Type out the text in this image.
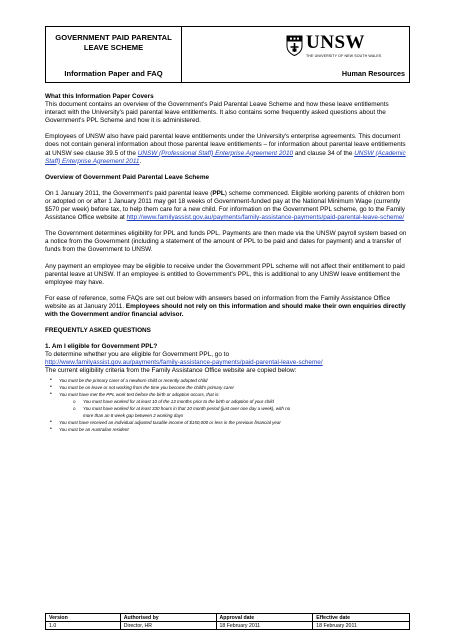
GOVERNMENT PAID PARENTAL
LEAVE SCHEME
Information Paper and FAQ
UNSW
THE UNIVERSITY OF NEW SOUTH WALES
Human Resources

What this Information Paper Covers

This document contains an overview of the Government's Paid Parental Leave Scheme and how these leave entitlements interact with the University's paid parental leave entitlements. It also contains some frequently asked questions about the Government's PPL Scheme and how it is administered.

Employees of UNSW also have paid parental leave entitlements under the University's enterprise agreements. This document does not contain general information about those parental leave entitlements – for information about parental leave entitlements at UNSW see clause 39.5 of the UNSW (Professional Staff) Enterprise Agreement 2010 and clause 34 of the UNSW (Academic Staff) Enterprise Agreement 2011.

Overview of Government Paid Parental Leave Scheme

On 1 January 2011, the Government's paid parental leave (PPL) scheme commenced. Eligible working parents of children born or adopted on or after 1 January 2011 may get 18 weeks of Government-funded pay at the National Minimum Wage (currently $570 per week) before tax, to help them care for a new child. For information on the Government PPL scheme, go to the Family Assistance Office website at http://www.familyassist.gov.au/payments/family-assistance-payments/paid-parental-leave-scheme/

The Government determines eligibility for PPL and funds PPL. Payments are then made via the UNSW payroll system based on a notice from the Government (including a statement of the amount of PPL to be paid and dates for payment) and a transfer of funds from the Government to UNSW.

Any payment an employee may be eligible to receive under the Government PPL scheme will not affect their entitlement to paid parental leave at UNSW. If an employee is entitled to Government's PPL, this is additional to any UNSW leave entitlement the employee may have.

For ease of reference, some FAQs are set out below with answers based on information from the Family Assistance Office website as at January 2011. Employees should not rely on this information and should make their own enquiries directly with the Government and/or financial advisor.

FREQUENTLY ASKED QUESTIONS

1. Am I eligible for Government PPL?

To determine whether you are eligible for Government PPL, go to

http://www.familyassist.gov.au/payments/family-assistance-payments/paid-parental-leave-scheme/

The current eligibility criteria from the Family Assistance Office website are copied below:

• You must be the primary carer of a newborn child or recently adopted child
• You must be on leave or not working from the time you become the child's primary carer
• You must have met the PPL work test before the birth or adoption occurs, that is:
o You must have worked for at least 10 of the 13 months prior to the birth or adoption of your child
o You must have worked for at least 330 hours in that 10 month period (just over one day a week), with no
more than an 8 week gap between 2 working days
• You must have received an individual adjusted taxable income of $150,000 or less in the previous financial year
• You must be an Australian resident
Version	Authorised by	Approval date	Effective date
1.0	Director, HR	18 February 2011	18 February 2011
